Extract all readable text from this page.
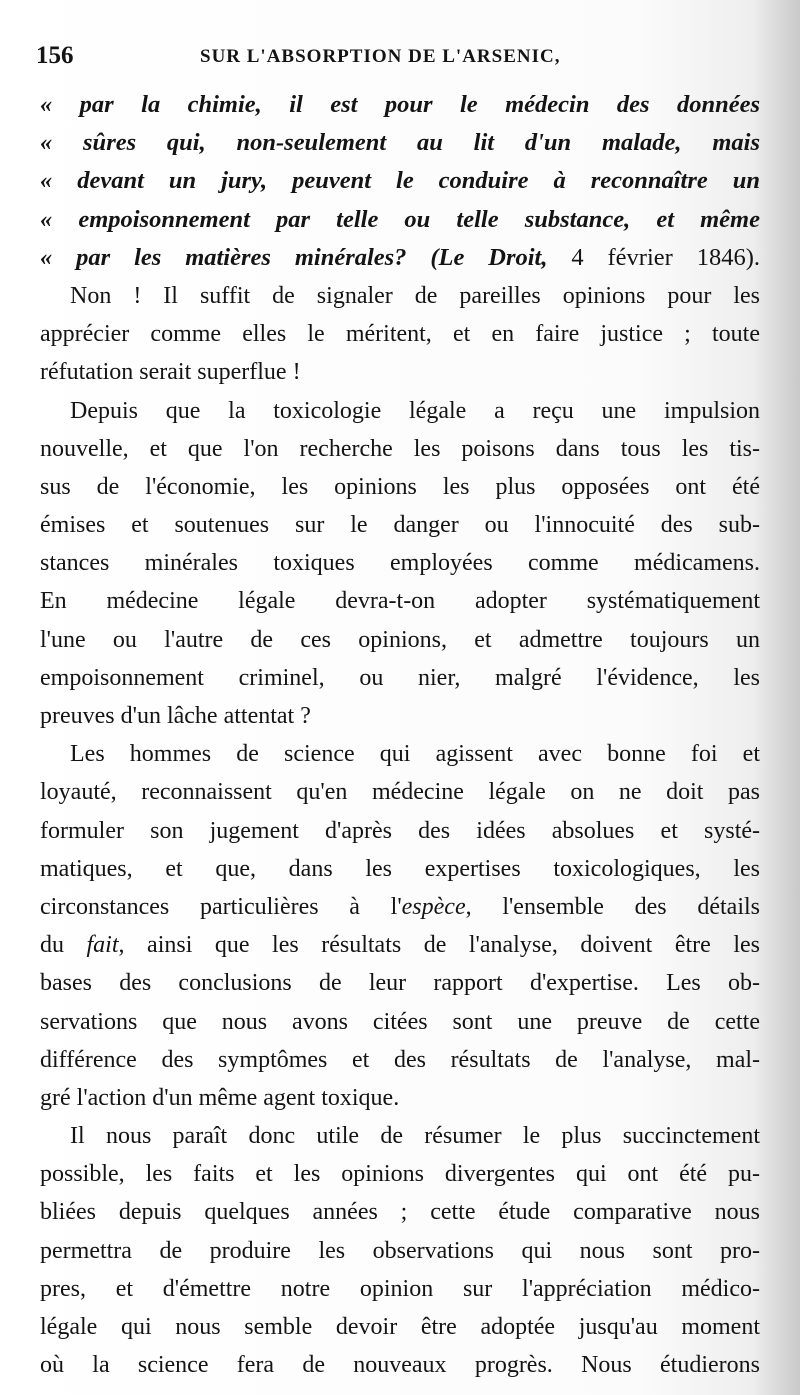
156	SUR L'ABSORPTION DE L'ARSENIC,
« par la chimie, il est pour le médecin des données
« sûres qui, non-seulement au lit d'un malade, mais
« devant un jury, peuvent le conduire à reconnaître un
« empoisonnement par telle ou telle substance, et même
« par les matières minérales? (Le Droit, 4 février 1846).
Non ! Il suffit de signaler de pareilles opinions pour les
apprécier comme elles le méritent, et en faire justice ; toute
réfutation serait superflue !
Depuis que la toxicologie légale a reçu une impulsion
nouvelle, et que l'on recherche les poisons dans tous les tis-
sus de l'économie, les opinions les plus opposées ont été
émises et soutenues sur le danger ou l'innocuité des sub-
stances minérales toxiques employées comme médicamens.
En médecine légale devra-t-on adopter systématiquement
l'une ou l'autre de ces opinions, et admettre toujours un
empoisonnement criminel, ou nier, malgré l'évidence, les
preuves d'un lâche attentat ?
Les hommes de science qui agissent avec bonne foi et
loyauté, reconnaissent qu'en médecine légale on ne doit pas
formuler son jugement d'après des idées absolues et systé-
matiques, et que, dans les expertises toxicologiques, les
circonstances particulières à l'espèce, l'ensemble des détails
du fait, ainsi que les résultats de l'analyse, doivent être les
bases des conclusions de leur rapport d'expertise. Les ob-
servations que nous avons citées sont une preuve de cette
différence des symptômes et des résultats de l'analyse, mal-
gré l'action d'un même agent toxique.
Il nous paraît donc utile de résumer le plus succinctement
possible, les faits et les opinions divergentes qui ont été pu-
bliées depuis quelques années ; cette étude comparative nous
permettra de produire les observations qui nous sont pro-
pres, et d'émettre notre opinion sur l'appréciation médico-
légale qui nous semble devoir être adoptée jusqu'au moment
où la science fera de nouveaux progrès. Nous étudierons
